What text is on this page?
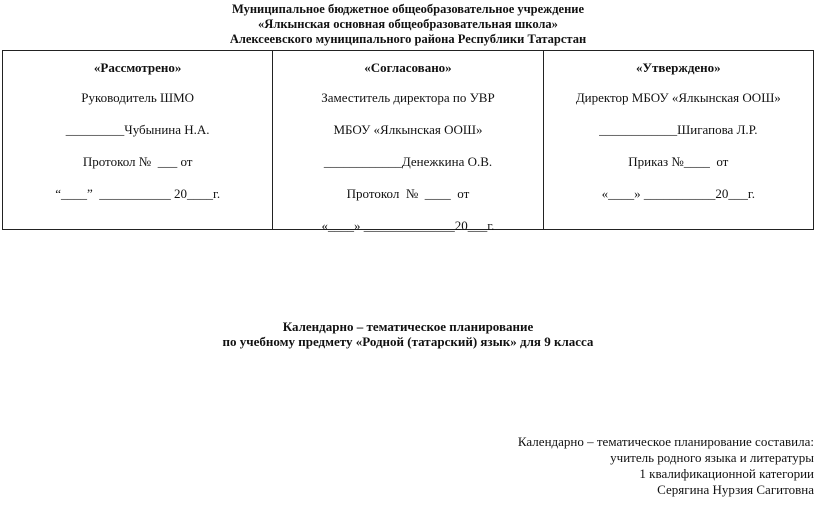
Муниципальное бюджетное общеобразовательное учреждение
«Ялкынская основная общеобразовательная школа»
Алексеевского муниципального района Республики Татарстан
«Рассмотрено»
Руководитель ШМО
_________Чубынина Н.А.
Протокол №  ___ от
“____”  ___________ 20____г.
«Согласовано»
Заместитель директора по УВР
МБОУ «Ялкынская ООШ»
____________Денежкина О.В.
Протокол  №  ____  от
«____» ______________20___г.
«Утверждено»
Директор МБОУ «Ялкынская ООШ»
____________Шигапова Л.Р.
Приказ №____  от
«____» ___________20___г.
Календарно – тематическое планирование
по учебному предмету «Родной (татарский) язык» для 9 класса
Календарно – тематическое планирование составила:
учитель родного языка и литературы
1 квалификационной категории
Серягина Нурзия Сагитовна
